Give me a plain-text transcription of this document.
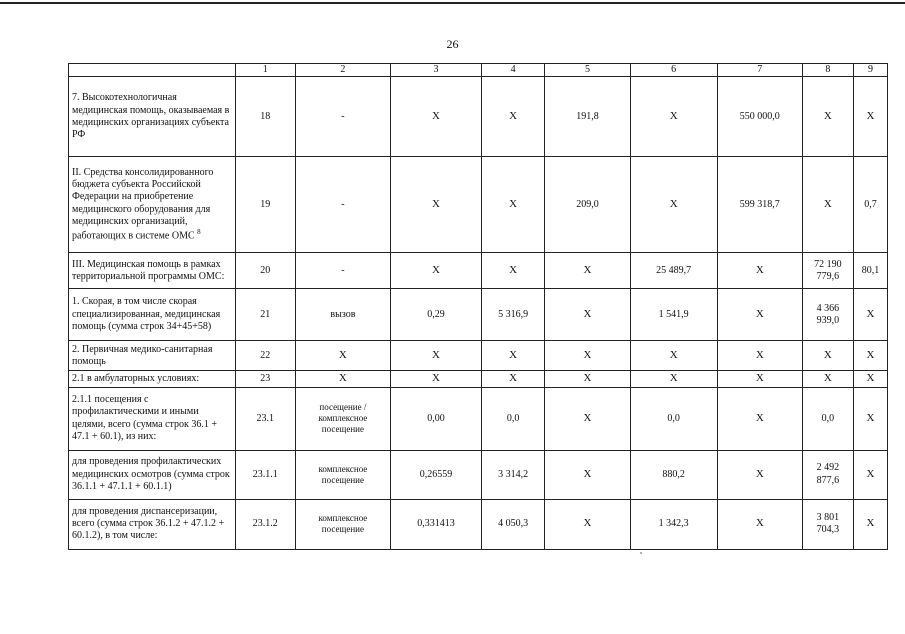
26
	1	2	3	4	5	6	7	8	9
7. Высокотехнологичная медицинская помощь, оказываемая в медицинских организациях субъекта РФ	18	-	X	X	191,8	X	550 000,0	X	X
II. Средства консолидированного бюджета субъекта Российской Федерации на приобретение медицинского оборудования для медицинских организаций, работающих в системе ОМС $^8$	19	-	X	X	209,0	X	599 318,7	X	0,7
III. Медицинская помощь в рамках территориальной программы ОМС:	20	-	X	X	X	25 489,7	X	72 190 779,6	80,1
1. Скорая, в том числе скорая специализированная, медицинская помощь (сумма строк 34+45+58)	21	вызов	0,29	5 316,9	X	1 541,9	X	4 366 939,0	X
2. Первичная медико-санитарная помощь	22	X	X	X	X	X	X	X	X
2.1 в амбулаторных условиях:	23	X	X	X	X	X	X	X	X
2.1.1 посещения с профилактическими и иными целями, всего (сумма строк 36.1 + 47.1 + 60.1), из них:	23.1	посещение / комплексное посещение	0,00	0,0	X	0,0	X	0,0	X
для проведения профилактических медицинских осмотров (сумма строк 36.1.1 + 47.1.1 + 60.1.1)	23.1.1	комплексное посещение	0,26559	3 314,2	X	880,2	X	2 492 877,6	X
для проведения диспансеризации, всего (сумма строк 36.1.2 + 47.1.2 + 60.1.2), в том числе:	23.1.2	комплексное посещение	0,331413	4 050,3	X	1 342,3	X	3 801 704,3	X
